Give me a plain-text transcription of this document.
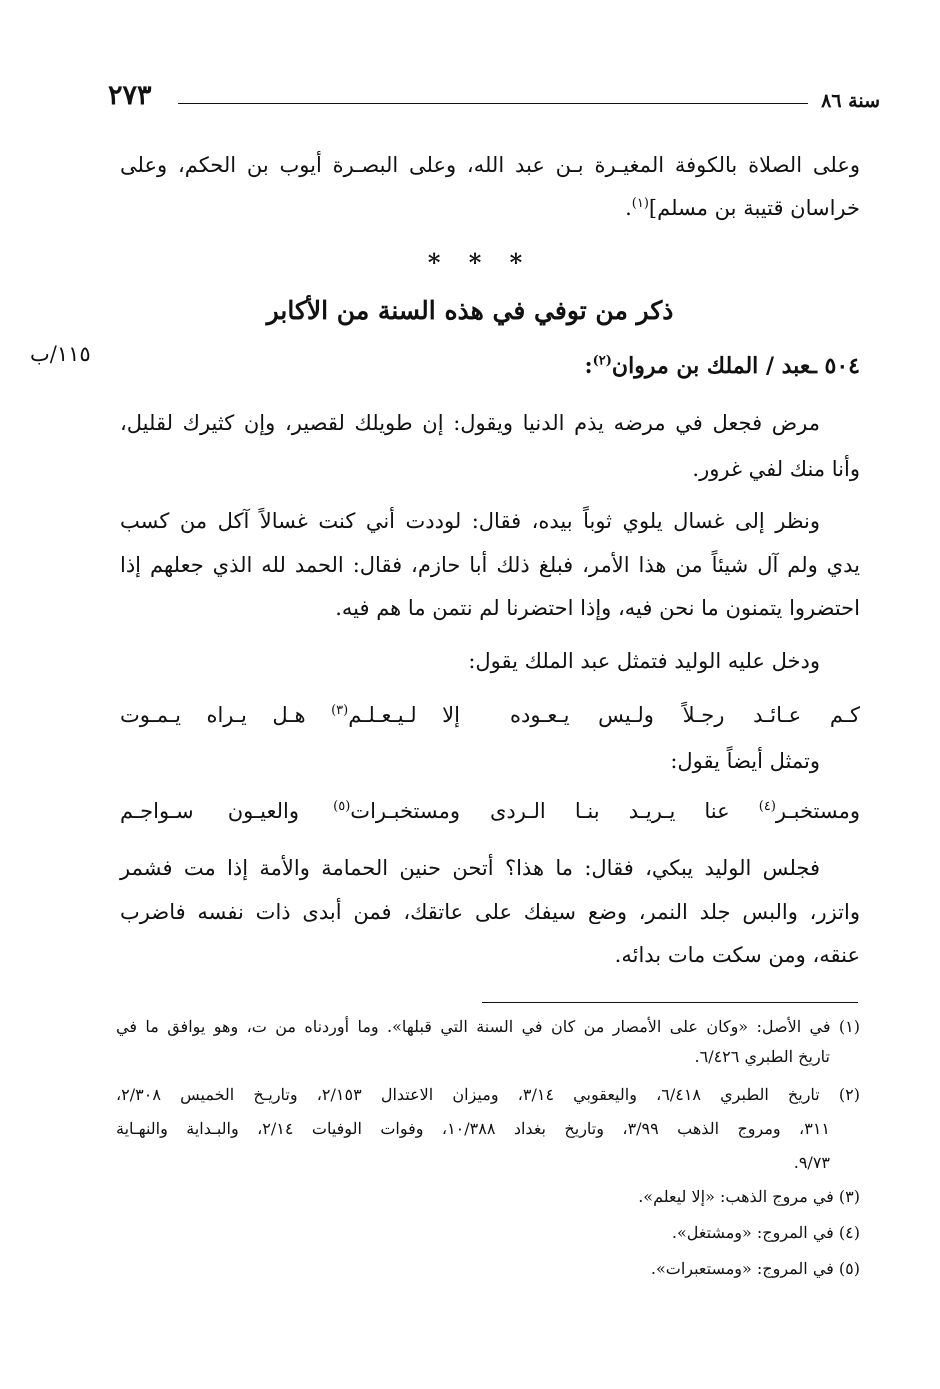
سنة ٨٦
٢٧٣
١١٥/ب
وعلى الصلاة بالكوفة المغيـرة بـن عبد الله، وعلى البصـرة أيوب بن الحكم، وعلى
خراسان قتيبة بن مسلم]$^{(١)}$.
* * *
ذكر من توفي في هذه السنة من الأكابر
٥٠٤ ـعبد / الملك بن مروان$^{(٢)}$:
مرض فجعل في مرضه يذم الدنيا ويقول: إن طويلك لقصير، وإن كثيرك لقليل،
وأنا منك لفي غرور.
ونظر إلى غسال يلوي ثوباً بيده، فقال: لوددت أني كنت غسالاً آكل من كسب
يدي ولم آل شيئاً من هذا الأمر، فبلغ ذلك أبا حازم، فقال: الحمد لله الذي جعلهم إذا
احتضروا يتمنون ما نحن فيه، وإذا احتضرنا لم نتمن ما هم فيه.
ودخل عليه الوليد فتمثل عبد الملك يقول:
كـم عـائـد رجـلاً ولـيس يـعـوده
إلا لـيـعـلـم$^{(٣)}$ هـل يـراه يـمـوت
وتمثل أيضاً يقول:
ومستخبـر$^{(٤)}$ عنا يـريـد بنـا الـردى
ومستخبـرات$^{(٥)}$ والعيـون سـواجـم
فجلس الوليد يبكي، فقال: ما هذا؟ أتحن حنين الحمامة والأمة إذا مت فشمر
واتزر، والبس جلد النمر، وضع سيفك على عاتقك، فمن أبدى ذات نفسه فاضرب
عنقه، ومن سكت مات بدائه.
(١) في الأصل: «وكان على الأمصار من كان في السنة التي قبلها». وما أوردناه من ت، وهو يوافق ما في
تاريخ الطبري ٦/٤٢٦.
(٢) تاريخ الطبري ٦/٤١٨، واليعقوبي ٣/١٤، وميزان الاعتدال ٢/١٥٣، وتاريـخ الخميس ٢/٣٠٨،
٣١١، ومروج الذهب ٣/٩٩، وتاريخ بغداد ١٠/٣٨٨، وفوات الوفيات ٢/١٤، والبـداية والنهـاية
٩/٧٣.
(٣) في مروج الذهب: «إلا ليعلم».
(٤) في المروج: «ومشتغل».
(٥) في المروج: «ومستعبرات».
